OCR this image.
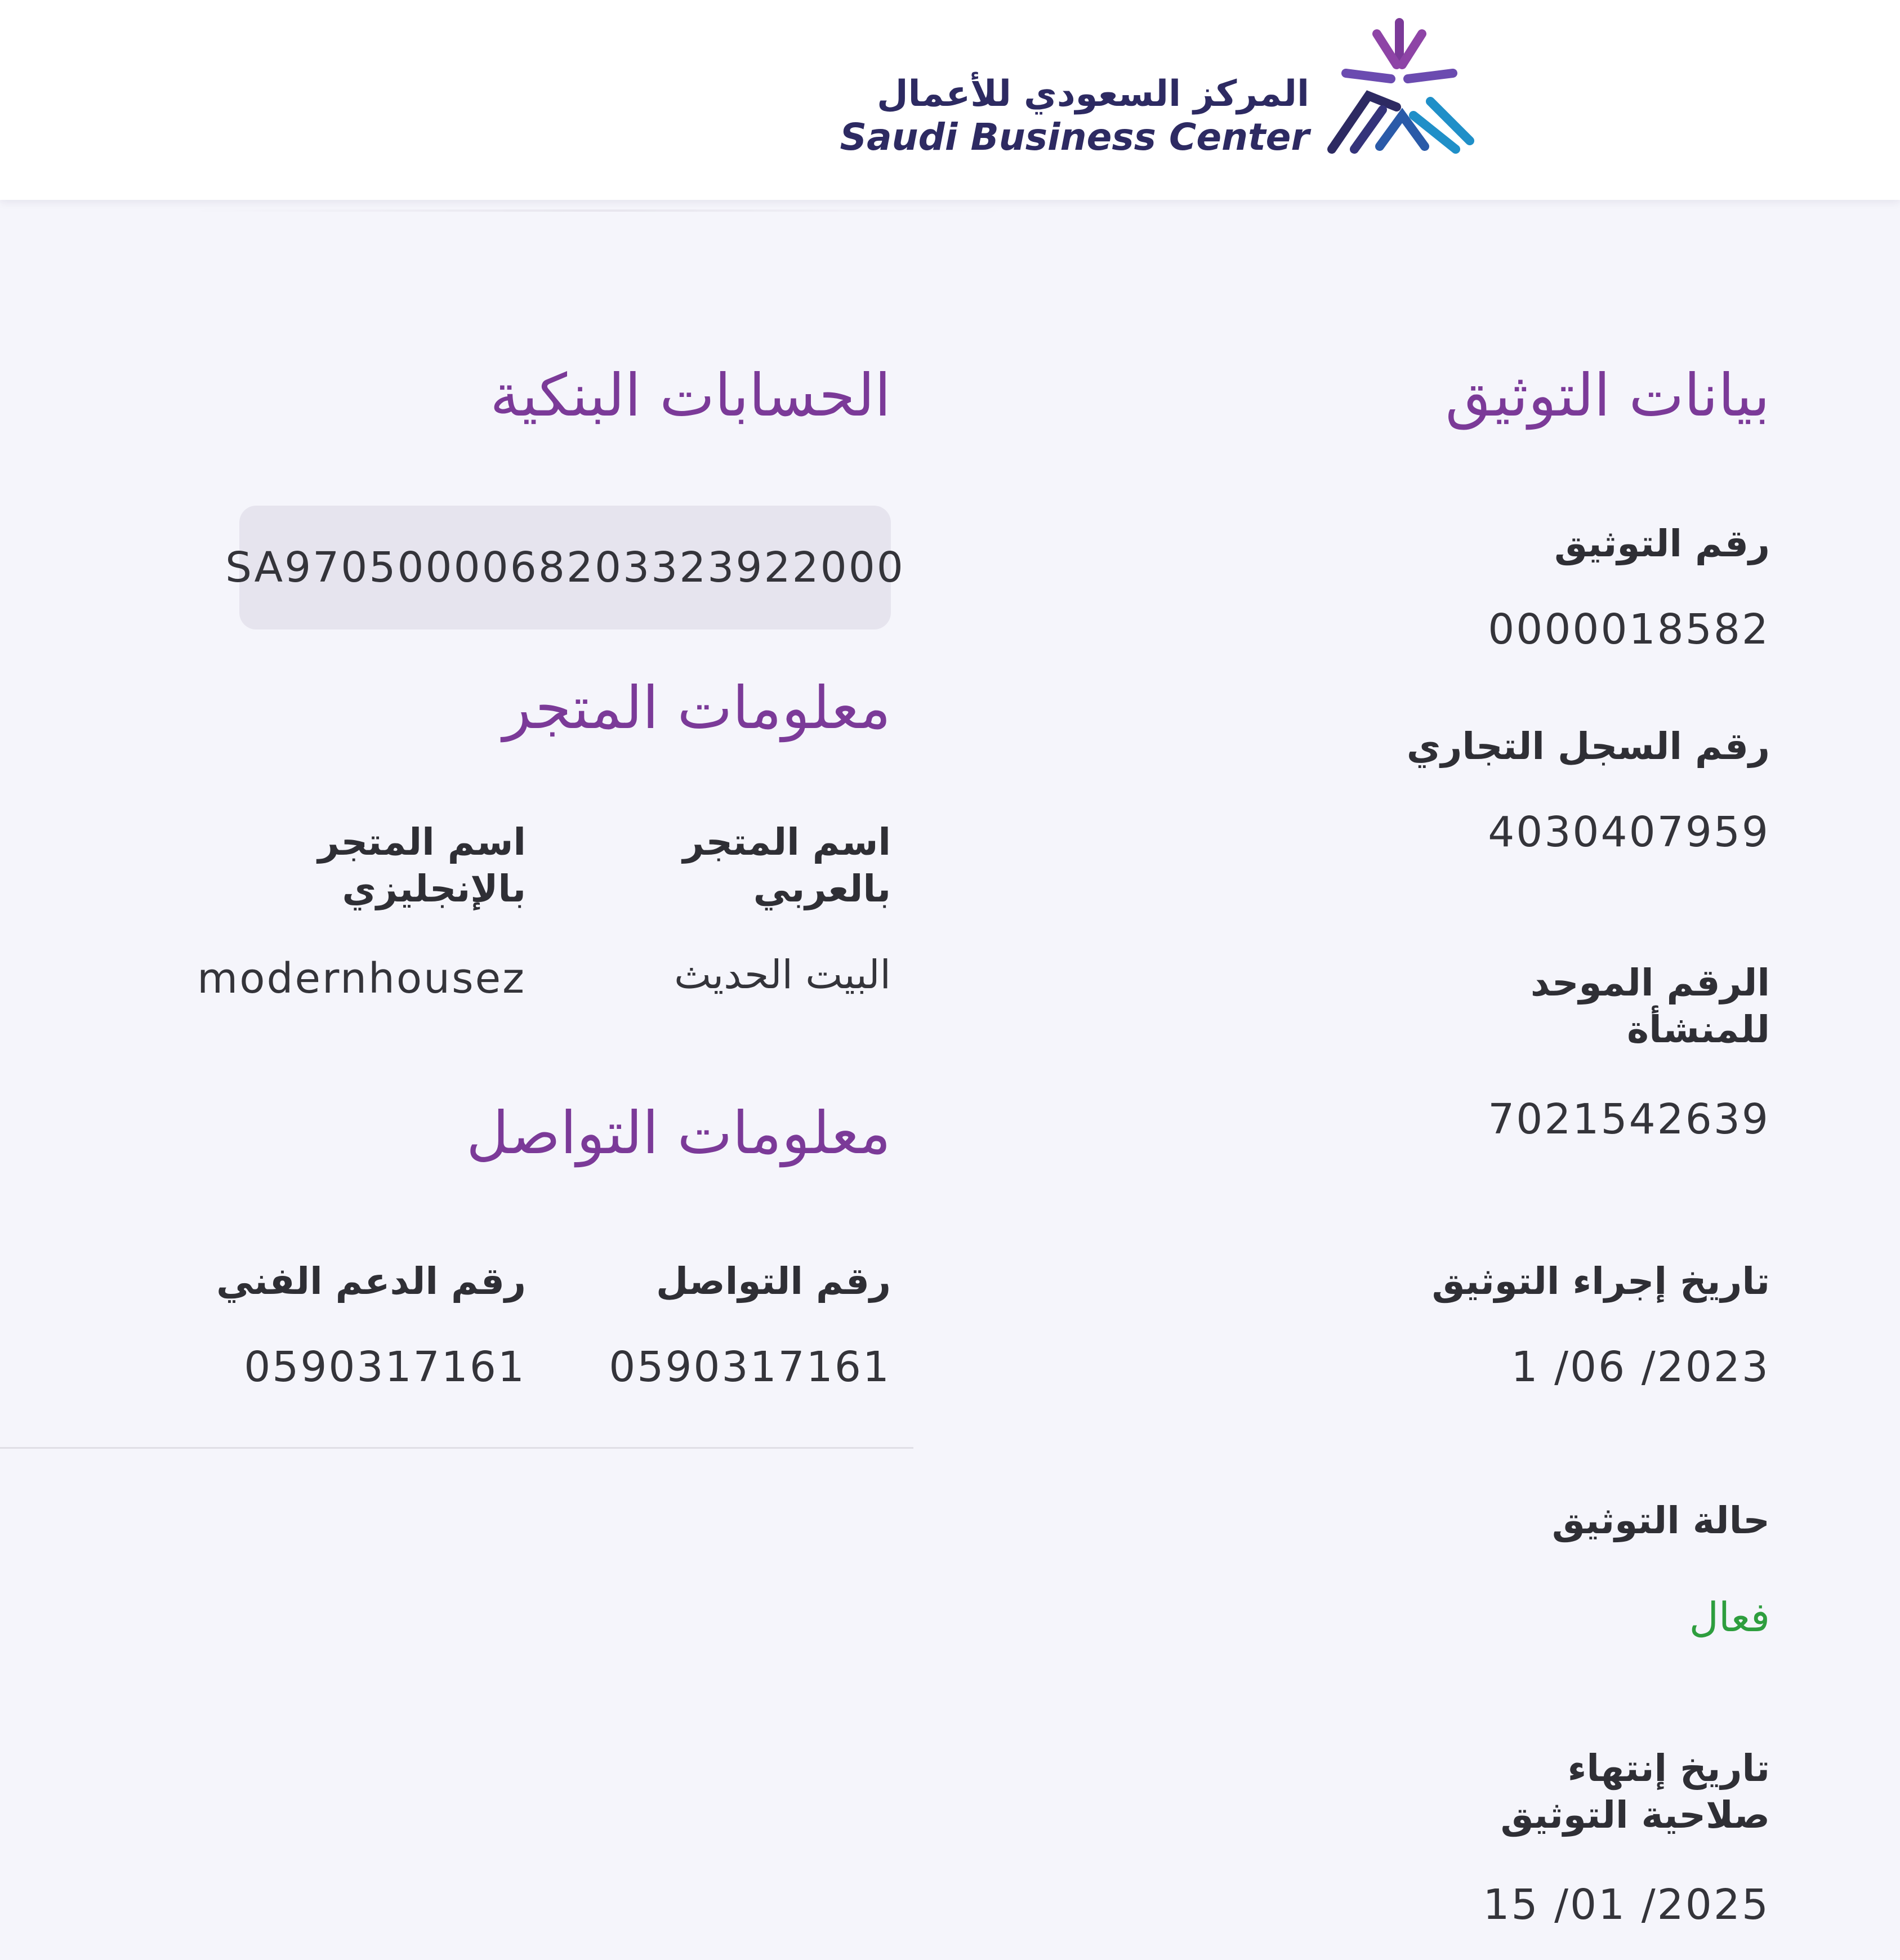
المركز السعودي للأعمال
Saudi Business Center
بيانات التوثيق
رقم التوثيق
0000018582
رقم السجل التجاري
4030407959
الرقم الموحد
للمنشأة
7021542639
تاريخ إجراء التوثيق
1 /06 /2023
حالة التوثيق
فعال
تاريخ إنتهاء
صلاحية التوثيق
15 /01 /2025
الحسابات البنكية
SA9705000068203323922000
معلومات المتجر
اسم المتجر
بالعربي
البيت الحديث
اسم المتجر
بالإنجليزي
modernhousez
معلومات التواصل
رقم التواصل
0590317161
رقم الدعم الفني
0590317161
